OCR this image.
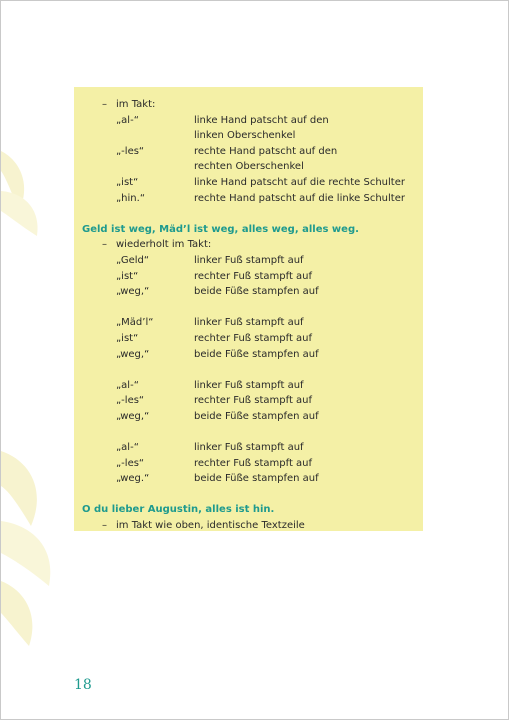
– im Takt:
„al-“	linke Hand patscht auf den
linken Oberschenkel
„-les“	rechte Hand patscht auf den
rechten Oberschenkel
„ist“	linke Hand patscht auf die rechte Schulter
„hin.“	rechte Hand patscht auf die linke Schulter
Geld ist weg, Mäd’l ist weg, alles weg, alles weg.
– wiederholt im Takt:
„Geld“	linker Fuß stampft auf
„ist“	rechter Fuß stampft auf
„weg,“	beide Füße stampfen auf
„Mäd’l“	linker Fuß stampft auf
„ist“	rechter Fuß stampft auf
„weg,“	beide Füße stampfen auf
„al-“	linker Fuß stampft auf
„-les“	rechter Fuß stampft auf
„weg,“	beide Füße stampfen auf
„al-“	linker Fuß stampft auf
„-les“	rechter Fuß stampft auf
„weg.“	beide Füße stampfen auf
O du lieber Augustin, alles ist hin.
– im Takt wie oben, identische Textzeile
18
